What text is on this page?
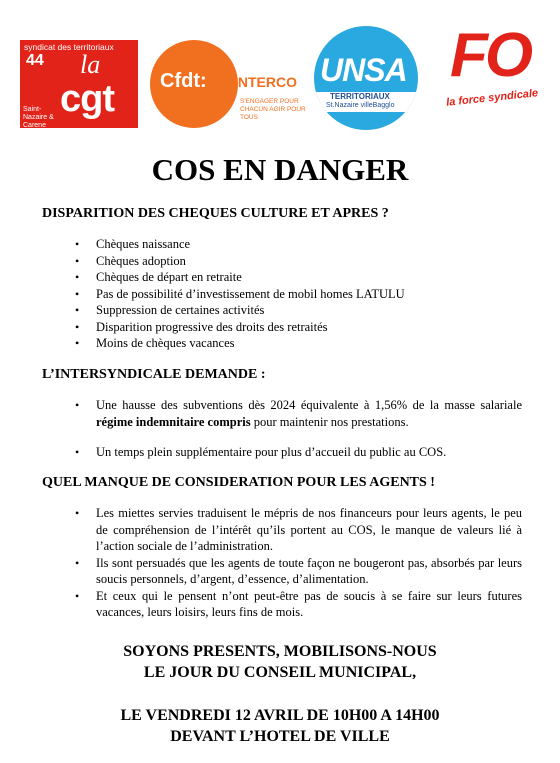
syndicat des territoriaux
44 la
cgt
Saint-Nazaire & Carene
Cfdt: INTERCO
S'ENGAGER POUR CHACUN AGIR POUR TOUS
UNSA
TERRITORIAUX
St.Nazaire villeBagglo
FO
la force syndicale
COS EN DANGER

DISPARITION DES CHEQUES CULTURE ET APRES ?

• Chèques naissance
• Chèques adoption
• Chèques de départ en retraite
• Pas de possibilité d’investissement de mobil homes LATULU
• Suppression de certaines activités
• Disparition progressive des droits des retraités
• Moins de chèques vacances

L’INTERSYNDICALE DEMANDE :

• Une hausse des subventions dès 2024 équivalente à 1,56% de la masse salariale régime indemnitaire compris pour maintenir nos prestations.
• Un temps plein supplémentaire pour plus d’accueil du public au COS.

QUEL MANQUE DE CONSIDERATION POUR LES AGENTS !

• Les miettes servies traduisent le mépris de nos financeurs pour leurs agents, le peu de compréhension de l’intérêt qu’ils portent au COS, le manque de valeurs lié à l’action sociale de l’administration.
• Ils sont persuadés que les agents de toute façon ne bougeront pas, absorbés par leurs soucis personnels, d’argent, d’essence, d’alimentation.
• Et ceux qui le pensent n’ont peut-être pas de soucis à se faire sur leurs futures vacances, leurs loisirs, leurs fins de mois.
SOYONS PRESENTS, MOBILISONS-NOUS
LE JOUR DU CONSEIL MUNICIPAL,
LE VENDREDI 12 AVRIL DE 10H00 A 14H00
DEVANT L’HOTEL DE VILLE
